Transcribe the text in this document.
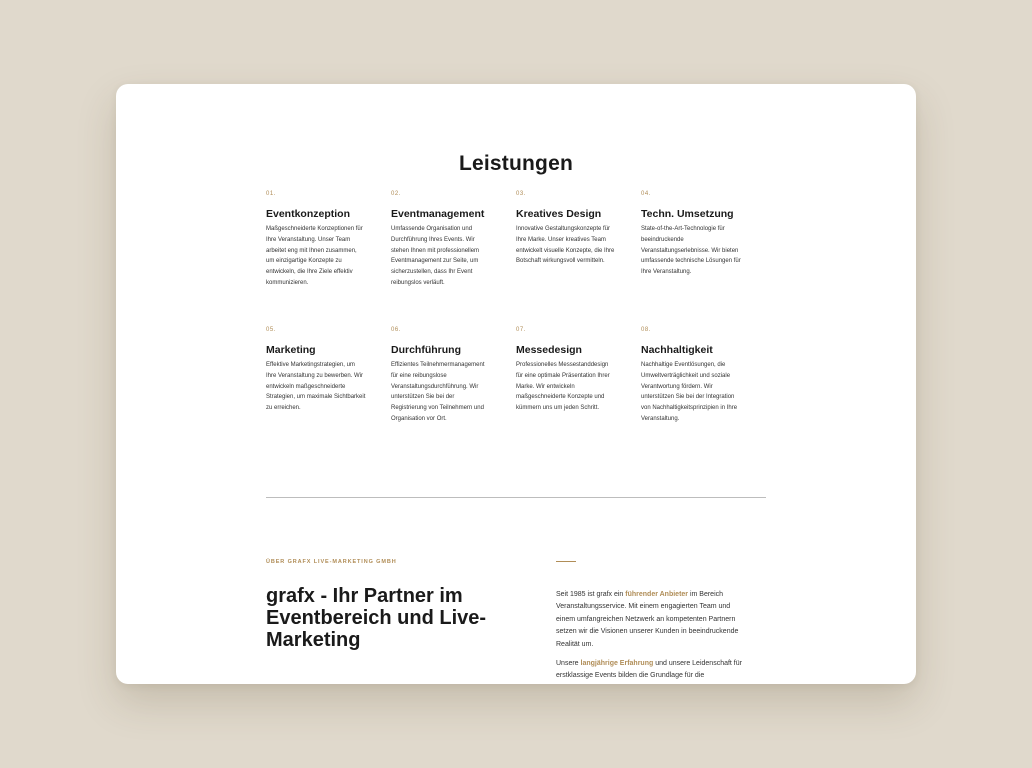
Leistungen

01.

Eventkonzeption

Maßgeschneiderte Konzeptionen für Ihre Veranstaltung. Unser Team arbeitet eng mit Ihnen zusammen, um einzigartige Konzepte zu entwickeln, die Ihre Ziele effektiv kommunizieren.

02.

Eventmanagement

Umfassende Organisation und Durchführung Ihres Events. Wir stehen Ihnen mit professionellem Eventmanagement zur Seite, um sicherzustellen, dass Ihr Event reibungslos verläuft.

03.

Kreatives Design

Innovative Gestaltungskonzepte für Ihre Marke. Unser kreatives Team entwickelt visuelle Konzepte, die Ihre Botschaft wirkungsvoll vermitteln.

04.

Techn. Umsetzung

State-of-the-Art-Technologie für beeindruckende Veranstaltungserlebnisse. Wir bieten umfassende technische Lösungen für Ihre Veranstaltung.

05.

Marketing

Effektive Marketingstrategien, um Ihre Veranstaltung zu bewerben. Wir entwickeln maßgeschneiderte Strategien, um maximale Sichtbarkeit zu erreichen.

06.

Durchführung

Effizientes Teilnehmermanagement für eine reibungslose Veranstaltungsdurchführung. Wir unterstützen Sie bei der Registrierung von Teilnehmern und Organisation vor Ort.

07.

Messedesign

Professionelles Messestanddesign für eine optimale Präsentation Ihrer Marke. Wir entwickeln maßgeschneiderte Konzepte und kümmern uns um jeden Schritt.

08.

Nachhaltigkeit

Nachhaltige Eventlösungen, die Umweltverträglichkeit und soziale Verantwortung fördern. Wir unterstützen Sie bei der Integration von Nachhaltigkeitsprinzipien in Ihre Veranstaltung.

ÜBER GRAFX LIVE-MARKETING GMBH

grafx - Ihr Partner im Eventbereich und Live-Marketing

Seit 1985 ist grafx ein führender Anbieter im Bereich Veranstaltungsservice. Mit einem engagierten Team und einem umfangreichen Netzwerk an kompetenten Partnern setzen wir die Visionen unserer Kunden in beeindruckende Realität um.

Unsere langjährige Erfahrung und unsere Leidenschaft für erstklassige Events bilden die Grundlage für die
